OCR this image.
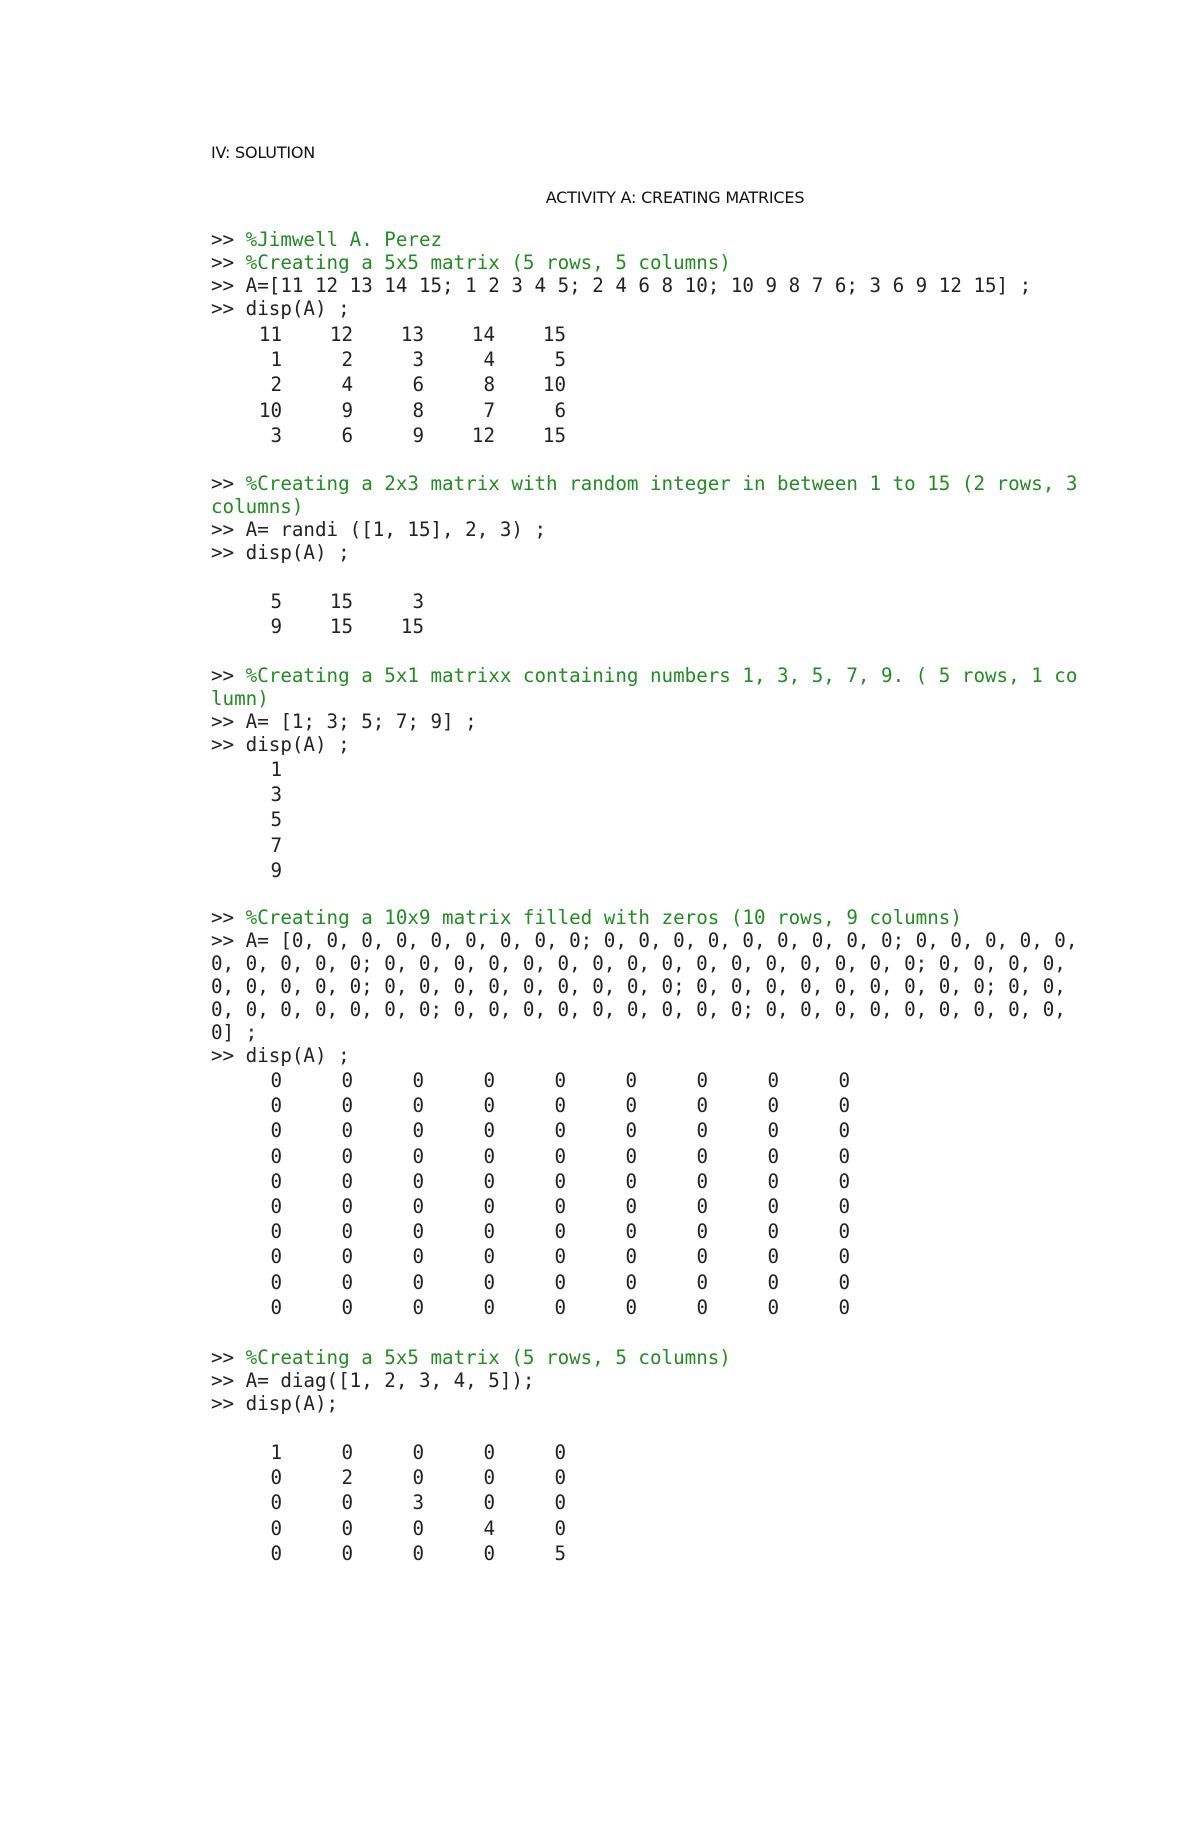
IV: SOLUTION
ACTIVITY A: CREATING MATRICES
>> %Jimwell A. Perez
>> %Creating a 5x5 matrix (5 rows, 5 columns)
>> A=[11 12 13 14 15; 1 2 3 4 5; 2 4 6 8 10; 10 9 8 7 6; 3 6 9 12 15] ;
>> disp(A) ;
11 12 13 14 15
1	2	3	4	5
2	4	6	8 10
10	9	8	7	6
3	6	9 12 15
>> %Creating a 2x3 matrix with random integer in between 1 to 15 (2 rows, 3 columns)
>> A= randi ([1, 15], 2, 3) ;
>> disp(A) ;
5 15	3
9 15 15
>> %Creating a 5x1 matrixx containing numbers 1, 3, 5, 7, 9. ( 5 rows, 1 column)
>> A= [1; 3; 5; 7; 9] ;
>> disp(A) ;
1
3
5
7
9
>> %Creating a 10x9 matrix filled with zeros (10 rows, 9 columns)
>> A= [0, 0, 0, 0, 0, 0, 0, 0, 0; 0, 0, 0, 0, 0, 0, 0, 0, 0; 0, 0, 0, 0, 0, 0, 0, 0, 0, 0; 0, 0, 0, 0, 0, 0, 0, 0, 0, 0, 0, 0, 0, 0, 0, 0; 0, 0, 0, 0, 0, 0, 0, 0, 0; 0, 0, 0, 0, 0, 0, 0, 0, 0; 0, 0, 0, 0, 0, 0, 0, 0, 0; 0, 0, 0, 0, 0, 0, 0, 0, 0; 0, 0, 0, 0, 0, 0, 0, 0, 0; 0, 0, 0, 0, 0, 0, 0, 0, 0, 0] ;
>> disp(A) ;
0	0	0	0	0	0	0	0	0
0	0	0	0	0	0	0	0	0
0	0	0	0	0	0	0	0	0
0	0	0	0	0	0	0	0	0
0	0	0	0	0	0	0	0	0
0	0	0	0	0	0	0	0	0
0	0	0	0	0	0	0	0	0
0	0	0	0	0	0	0	0	0
0	0	0	0	0	0	0	0	0
0	0	0	0	0	0	0	0	0
>> %Creating a 5x5 matrix (5 rows, 5 columns)
>> A= diag([1, 2, 3, 4, 5]);
>> disp(A);
1	0	0	0	0
0	2	0	0	0
0	0	3	0	0
0	0	0	4	0
0	0	0	0	5
